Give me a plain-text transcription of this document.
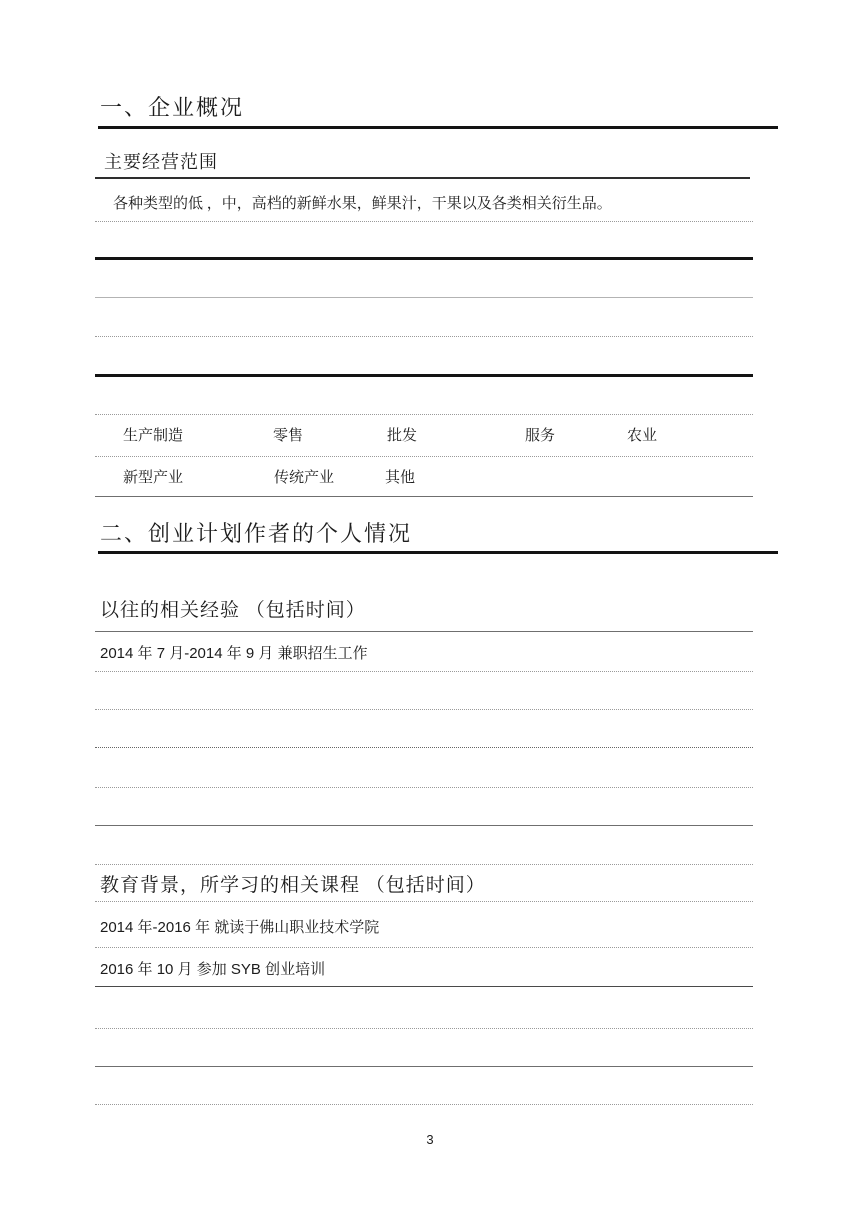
一、企业概况
主要经营范围
各种类型的低 ，中，高档的新鲜水果，鲜果汁，干果以及各类相关衍生品。
生产制造	零售	批发	服务	农业
新型产业	传统产业	其他
二、创业计划作者的个人情况
以往的相关经验 （包括时间）
2014 年 7 月-2014 年 9 月 兼职招生工作
教育背景，所学习的相关课程 （包括时间）
2014 年-2016 年 就读于佛山职业技术学院
2016 年 10 月 参加 SYB 创业培训
3
